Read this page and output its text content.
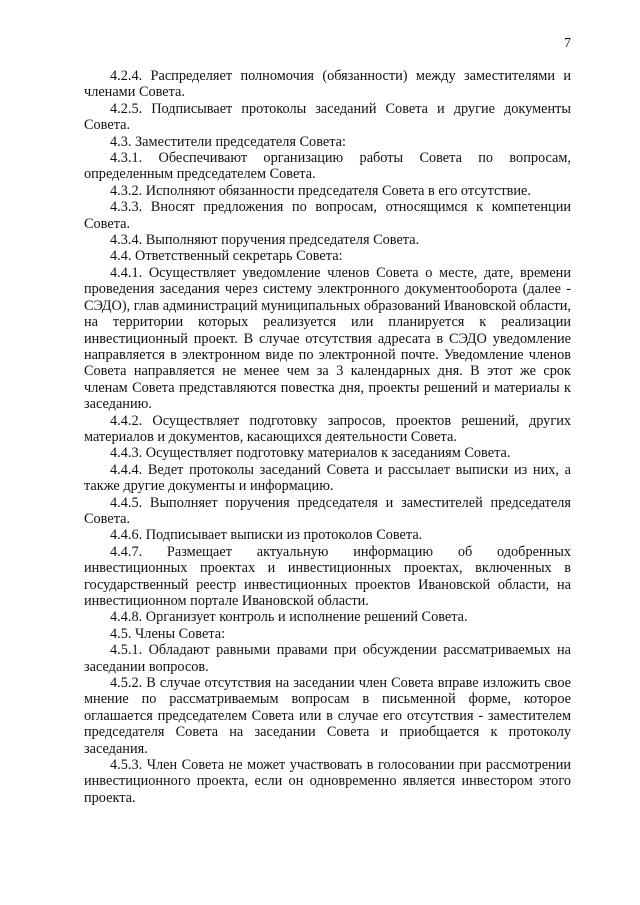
7

4.2.4. Распределяет полномочия (обязанности) между заместителями и членами Совета.

4.2.5. Подписывает протоколы заседаний Совета и другие документы Совета.

4.3. Заместители председателя Совета:

4.3.1. Обеспечивают организацию работы Совета по вопросам, определенным председателем Совета.

4.3.2. Исполняют обязанности председателя Совета в его отсутствие.

4.3.3. Вносят предложения по вопросам, относящимся к компетенции Совета.

4.3.4. Выполняют поручения председателя Совета.

4.4. Ответственный секретарь Совета:

4.4.1. Осуществляет уведомление членов Совета о месте, дате, времени проведения заседания через систему электронного документооборота (далее - СЭДО), глав администраций муниципальных образований Ивановской области, на территории которых реализуется или планируется к реализации инвестиционный проект. В случае отсутствия адресата в СЭДО уведомление направляется в электронном виде по электронной почте. Уведомление членов Совета направляется не менее чем за 3 календарных дня. В этот же срок членам Совета представляются повестка дня, проекты решений и материалы к заседанию.

4.4.2. Осуществляет подготовку запросов, проектов решений, других материалов и документов, касающихся деятельности Совета.

4.4.3. Осуществляет подготовку материалов к заседаниям Совета.

4.4.4. Ведет протоколы заседаний Совета и рассылает выписки из них, а также другие документы и информацию.

4.4.5. Выполняет поручения председателя и заместителей председателя Совета.

4.4.6. Подписывает выписки из протоколов Совета.

4.4.7. Размещает актуальную информацию об одобренных инвестиционных проектах и инвестиционных проектах, включенных в государственный реестр инвестиционных проектов Ивановской области, на инвестиционном портале Ивановской области.

4.4.8. Организует контроль и исполнение решений Совета.

4.5. Члены Совета:

4.5.1. Обладают равными правами при обсуждении рассматриваемых на заседании вопросов.

4.5.2. В случае отсутствия на заседании член Совета вправе изложить свое мнение по рассматриваемым вопросам в письменной форме, которое оглашается председателем Совета или в случае его отсутствия - заместителем председателя Совета на заседании Совета и приобщается к протоколу заседания.

4.5.3. Член Совета не может участвовать в голосовании при рассмотрении инвестиционного проекта, если он одновременно является инвестором этого проекта.
